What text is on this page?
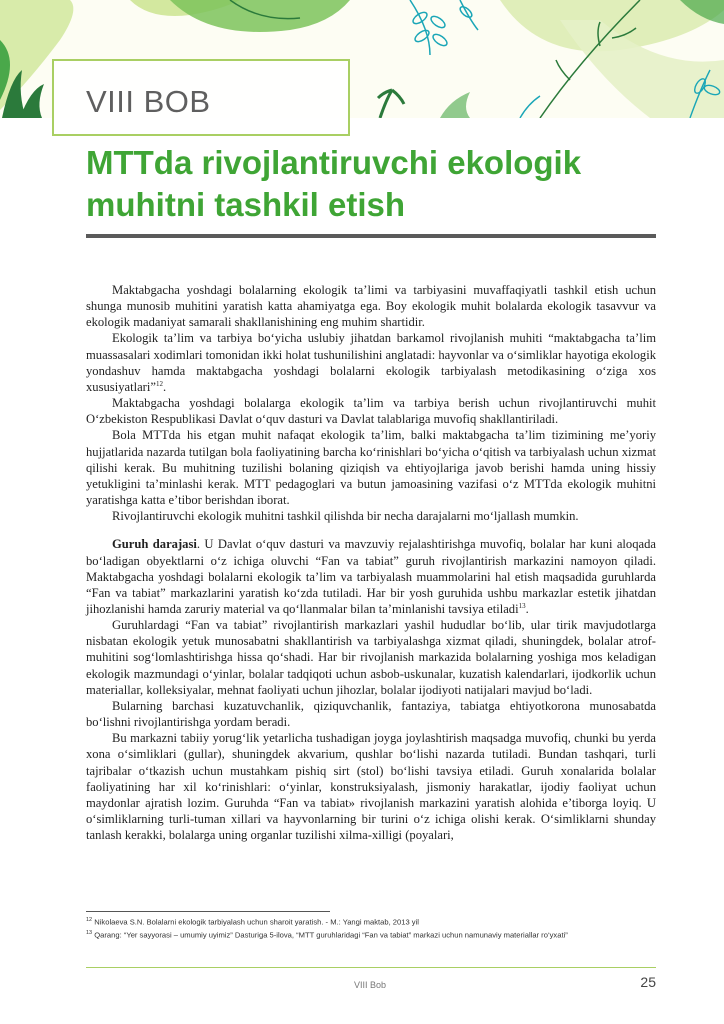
VIII BOB
MTTda rivojlantiruvchi ekologik muhitni tashkil etish

Maktabgacha yoshdagi bolalarning ekologik ta’limi va tarbiyasini muvaffaqiyatli tashkil etish uchun shunga munosib muhitini yaratish katta ahamiyatga ega. Boy ekologik muhit bolalarda ekologik tasavvur va ekologik madaniyat samarali shakllanishining eng muhim shartidir.

Ekologik ta’lim va tarbiya bo‘yicha uslubiy jihatdan barkamol rivojlanish muhiti “maktabgacha ta’lim muassasalari xodimlari tomonidan ikki holat tushunilishini anglatadi: hayvonlar va o‘simliklar hayotiga ekologik yondashuv hamda maktabgacha yoshdagi bolalarni ekologik tarbiyalash metodikasining o‘ziga xos xususiyatlari”$^{12}$.

Maktabgacha yoshdagi bolalarga ekologik ta’lim va tarbiya berish uchun rivojlantiruvchi muhit O‘zbekiston Respublikasi Davlat o‘quv dasturi va Davlat talablariga muvofiq shakllantiriladi.

Bola MTTda his etgan muhit nafaqat ekologik ta’lim, balki maktabgacha ta’lim tizimining me’yoriy hujjatlarida nazarda tutilgan bola faoliyatining barcha ko‘rinishlari bo‘yicha o‘qitish va tarbiyalash uchun xizmat qilishi kerak. Bu muhitning tuzilishi bolaning qiziqish va ehtiyojlariga javob berishi hamda uning hissiy yetukligini ta’minlashi kerak. MTT pedagoglari va butun jamoasining vazifasi o‘z MTTda ekologik muhitni yaratishga katta e’tibor berishdan iborat.

Rivojlantiruvchi ekologik muhitni tashkil qilishda bir necha darajalarni mo‘ljallash mumkin.

Guruh darajasi. U Davlat o‘quv dasturi va mavzuviy rejalashtirishga muvofiq, bolalar har kuni aloqada bo‘ladigan obyektlarni o‘z ichiga oluvchi “Fan va tabiat” guruh rivojlantirish markazini namoyon qiladi. Maktabgacha yoshdagi bolalarni ekologik ta’lim va tarbiyalash muammolarini hal etish maqsadida guruhlarda “Fan va tabiat” markazlarini yaratish ko‘zda tutiladi. Har bir yosh guruhida ushbu markazlar estetik jihatdan jihozlanishi hamda zaruriy material va qo‘llanmalar bilan ta’minlanishi tavsiya etiladi$^{13}$.

Guruhlardagi “Fan va tabiat” rivojlantirish markazlari yashil hududlar bo‘lib, ular tirik mavjudotlarga nisbatan ekologik yetuk munosabatni shakllantirish va tarbiyalashga xizmat qiladi, shuningdek, bolalar atrof-muhitini sog‘lomlashtirishga hissa qo‘shadi. Har bir rivojlanish markazida bolalarning yoshiga mos keladigan ekologik mazmundagi o‘yinlar, bolalar tadqiqoti uchun asbob-uskunalar, kuzatish kalendarlari, ijodkorlik uchun materiallar, kolleksiyalar, mehnat faoliyati uchun jihozlar, bolalar ijodiyoti natijalari mavjud bo‘ladi.

Bularning barchasi kuzatuvchanlik, qiziquvchanlik, fantaziya, tabiatga ehtiyotkorona munosabatda bo‘lishni rivojlantirishga yordam beradi.

Bu markazni tabiiy yorug‘lik yetarlicha tushadigan joyga joylashtirish maqsadga muvofiq, chunki bu yerda xona o‘simliklari (gullar), shuningdek akvarium, qushlar bo‘lishi nazarda tutiladi. Bundan tashqari, turli tajribalar o‘tkazish uchun mustahkam pishiq sirt (stol) bo‘lishi tavsiya etiladi. Guruh xonalarida bolalar faoliyatining har xil ko‘rinishlari: o‘yinlar, konstruksiyalash, jismoniy harakatlar, ijodiy faoliyat uchun maydonlar ajratish lozim. Guruhda “Fan va tabiat» rivojlanish markazini yaratish alohida e’tiborga loyiq. U o‘simliklarning turli-tuman xillari va hayvonlarning bir turini o‘z ichiga olishi kerak. O‘simliklarni shunday tanlash kerakki, bolalarga uning organlar tuzilishi xilma-xilligi (poyalari,

$^{12}$ Nikolaeva S.N. Bolalarni ekologik tarbiyalash uchun sharoit yaratish. - M.: Yangi maktab, 2013 yil
$^{13}$ Qarang: “Yer sayyorasi – umumiy uyimiz” Dasturiga 5-ilova, “MTT guruhlaridagi “Fan va tabiat” markazi uchun namunaviy materiallar ro‘yxati”
VIII Bob	25
